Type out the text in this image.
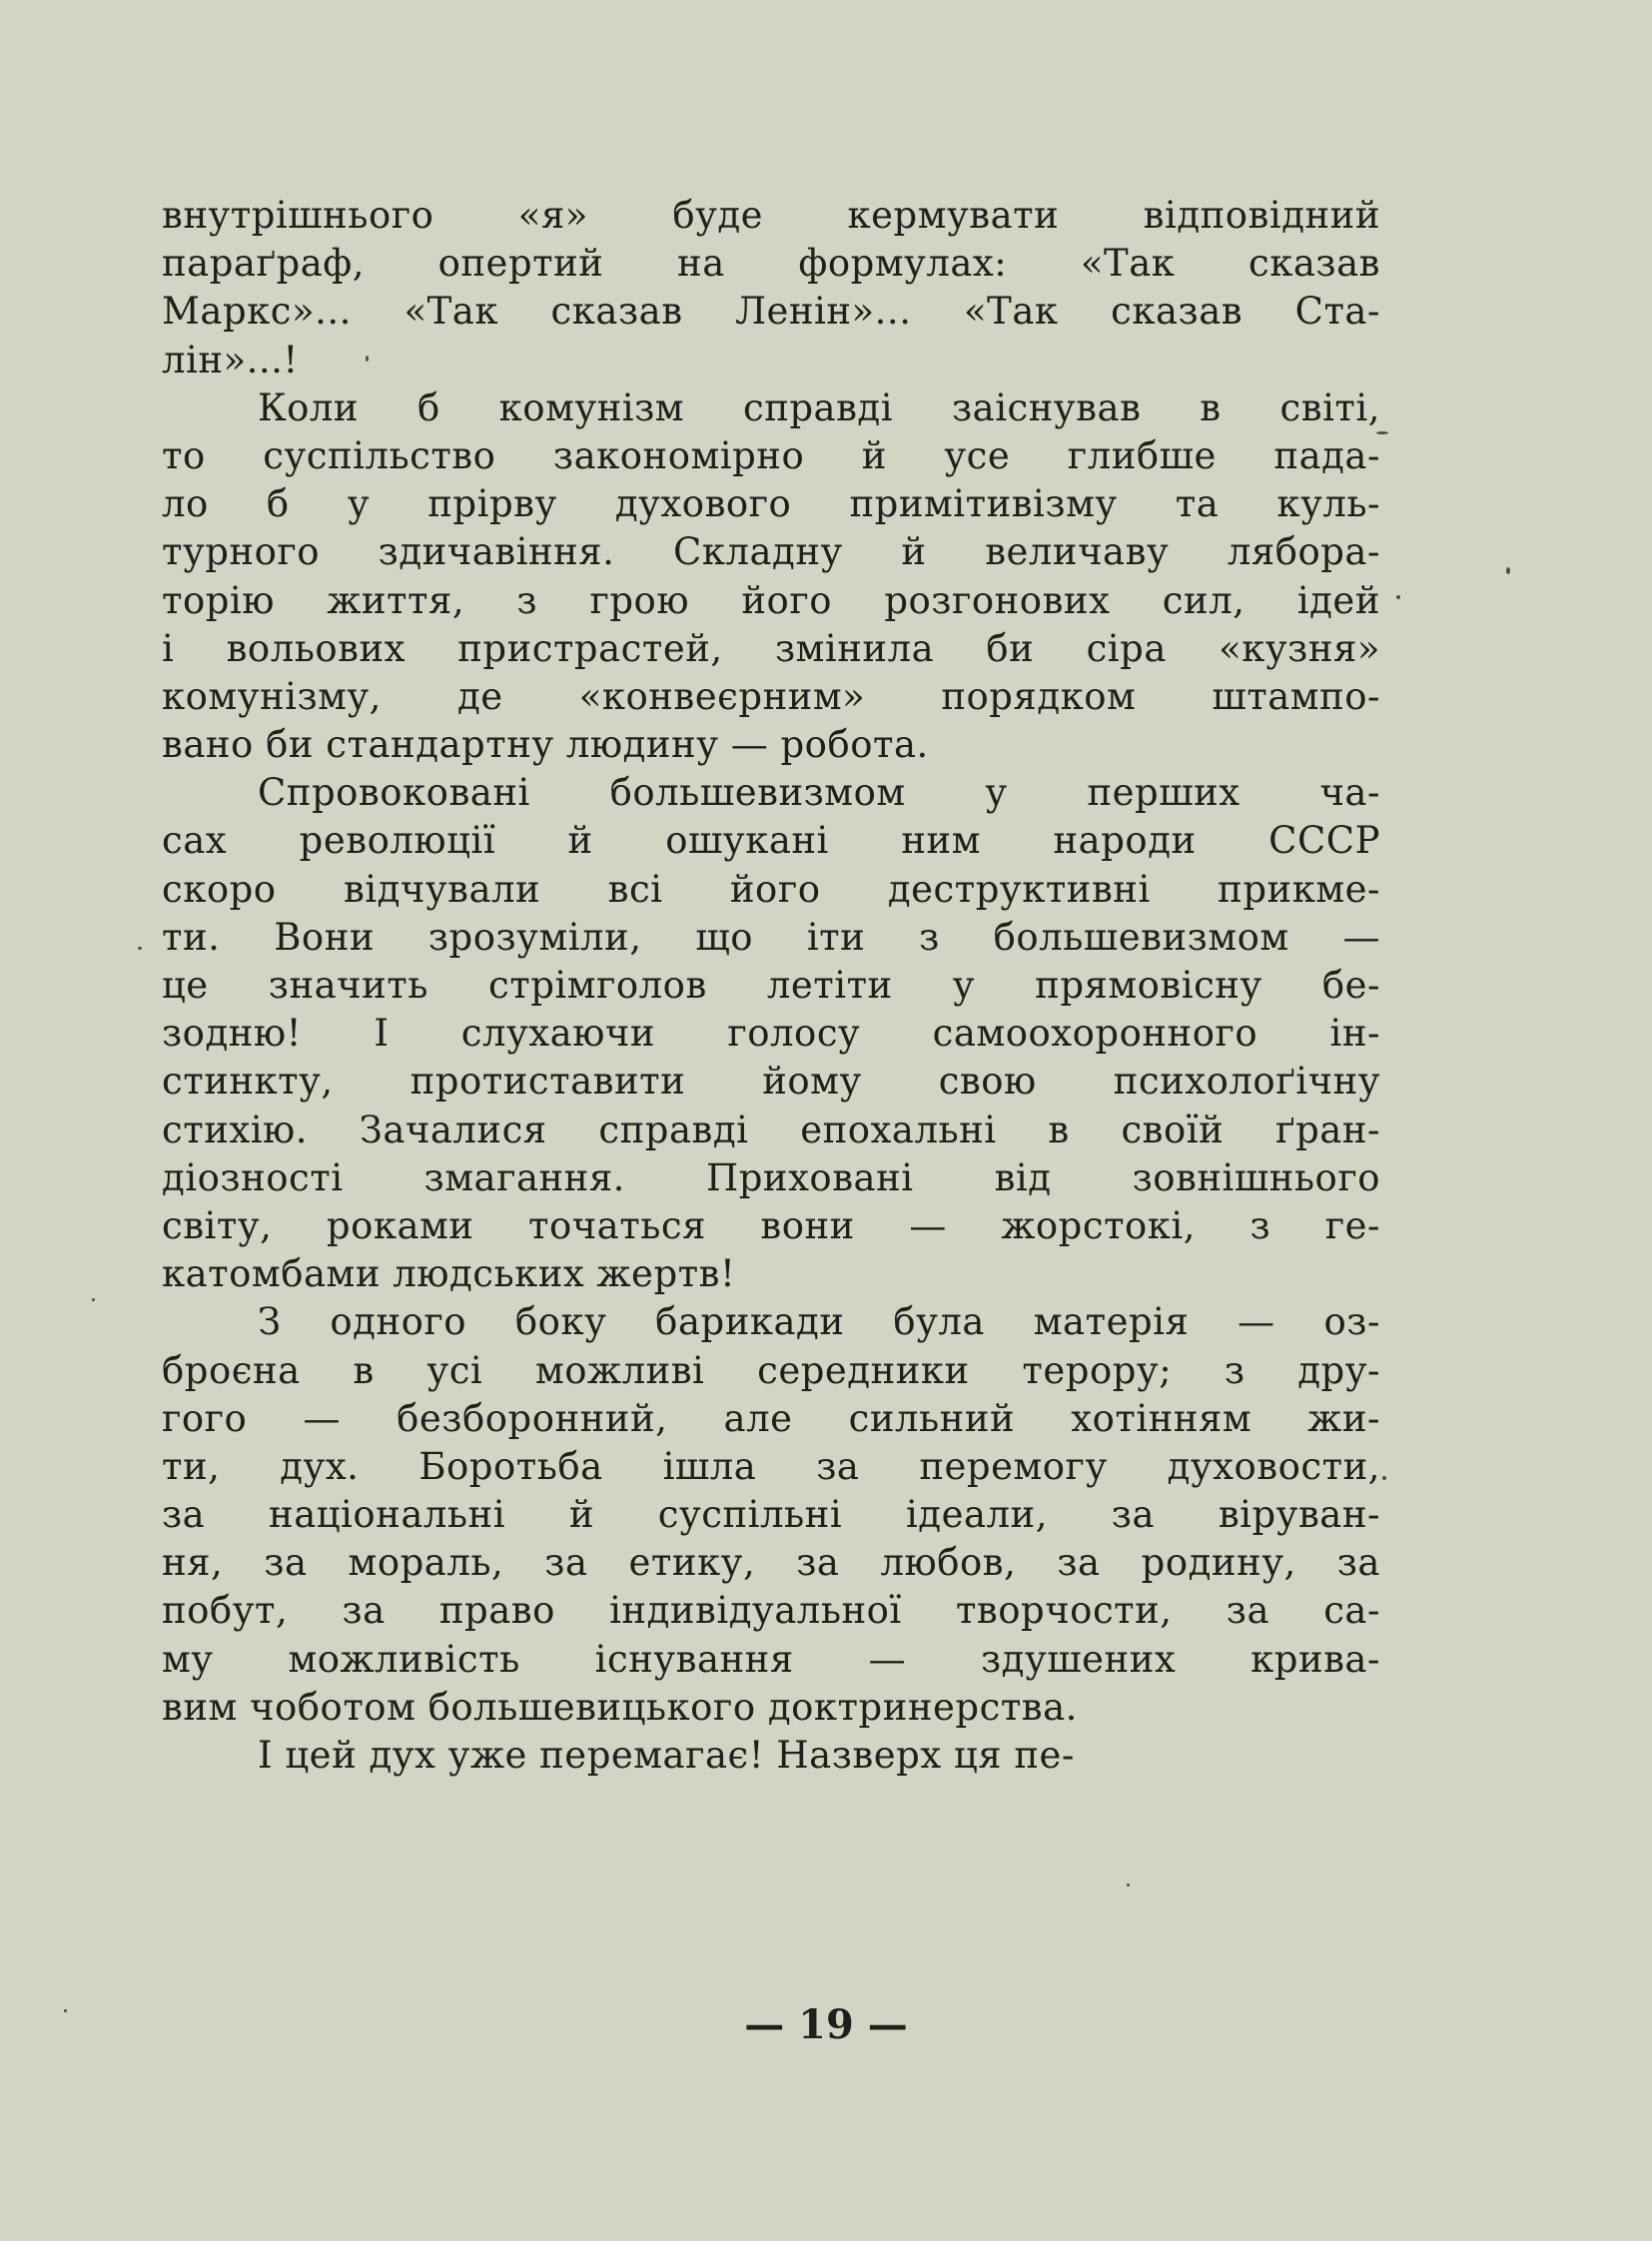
внутрішнього «я» буде кермувати відповідний
параґраф, опертий на формулах: «Так сказав
Маркс»... «Так сказав Ленін»... «Так сказав Ста-
лін»...!
Коли б комунізм справді заіснував в світі,
то суспільство закономірно й усе глибше пада-
ло б у прірву духового примітивізму та куль-
турного здичавіння. Складну й величаву лябора-
торію життя, з грою його розгонових сил, ідей
і вольових пристрастей, змінила би сіра «кузня»
комунізму, де «конвеєрним» порядком штампо-
вано би стандартну людину — робота.
Спровоковані большевизмом у перших ча-
сах революції й ошукані ним народи СССР
скоро відчували всі його деструктивні прикме-
ти. Вони зрозуміли, що іти з большевизмом —
це значить стрімголов летіти у прямовісну бе-
зодню! І слухаючи голосу самоохоронного ін-
стинкту, протиставити йому свою психолоґічну
стихію. Зачалися справді епохальні в своїй ґран-
діозності змагання. Приховані від зовнішнього
світу, роками точаться вони — жорстокі, з ге-
катомбами людських жертв!
З одного боку барикади була матерія — оз-
броєна в усі можливі середники терору; з дру-
гого — безборонний, але сильний хотінням жи-
ти, дух. Боротьба ішла за перемогу духовости,
за національні й суспільні ідеали, за віруван-
ня, за мораль, за етику, за любов, за родину, за
побут, за право індивідуальної творчости, за са-
му можливість існування — здушених крива-
вим чоботом большевицького доктринерства.
І цей дух уже перемагає! Назверх ця пе-
— 19 —
